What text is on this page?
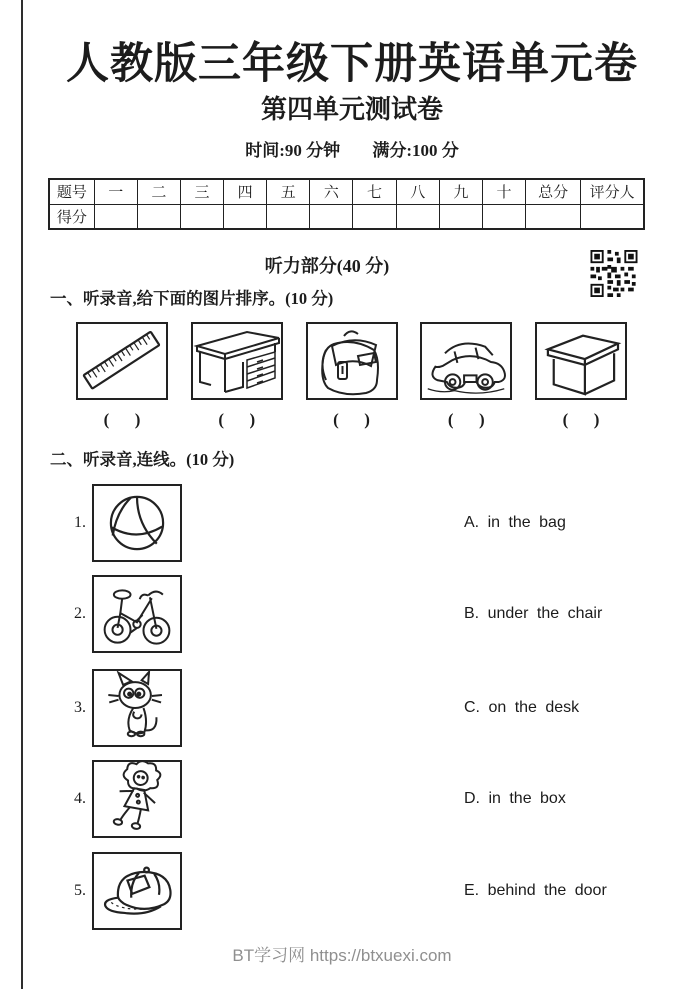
人教版三年级下册英语单元卷
第四单元测试卷
时间:90 分钟 满分:100 分
题号	一	二	三	四	五	六	七	八	九	十	总分	评分人
得分												
听力部分(40 分)
一、听录音,给下面的图片排序。(10 分)
(      )	(      )	(      )	(      )	(      )
二、听录音,连线。(10 分)
1.	A. in the bag
2.	B. under the chair
3.	C. on the desk
4.	D. in the box
5.	E. behind the door
BT学习网 https://btxuexi.com
